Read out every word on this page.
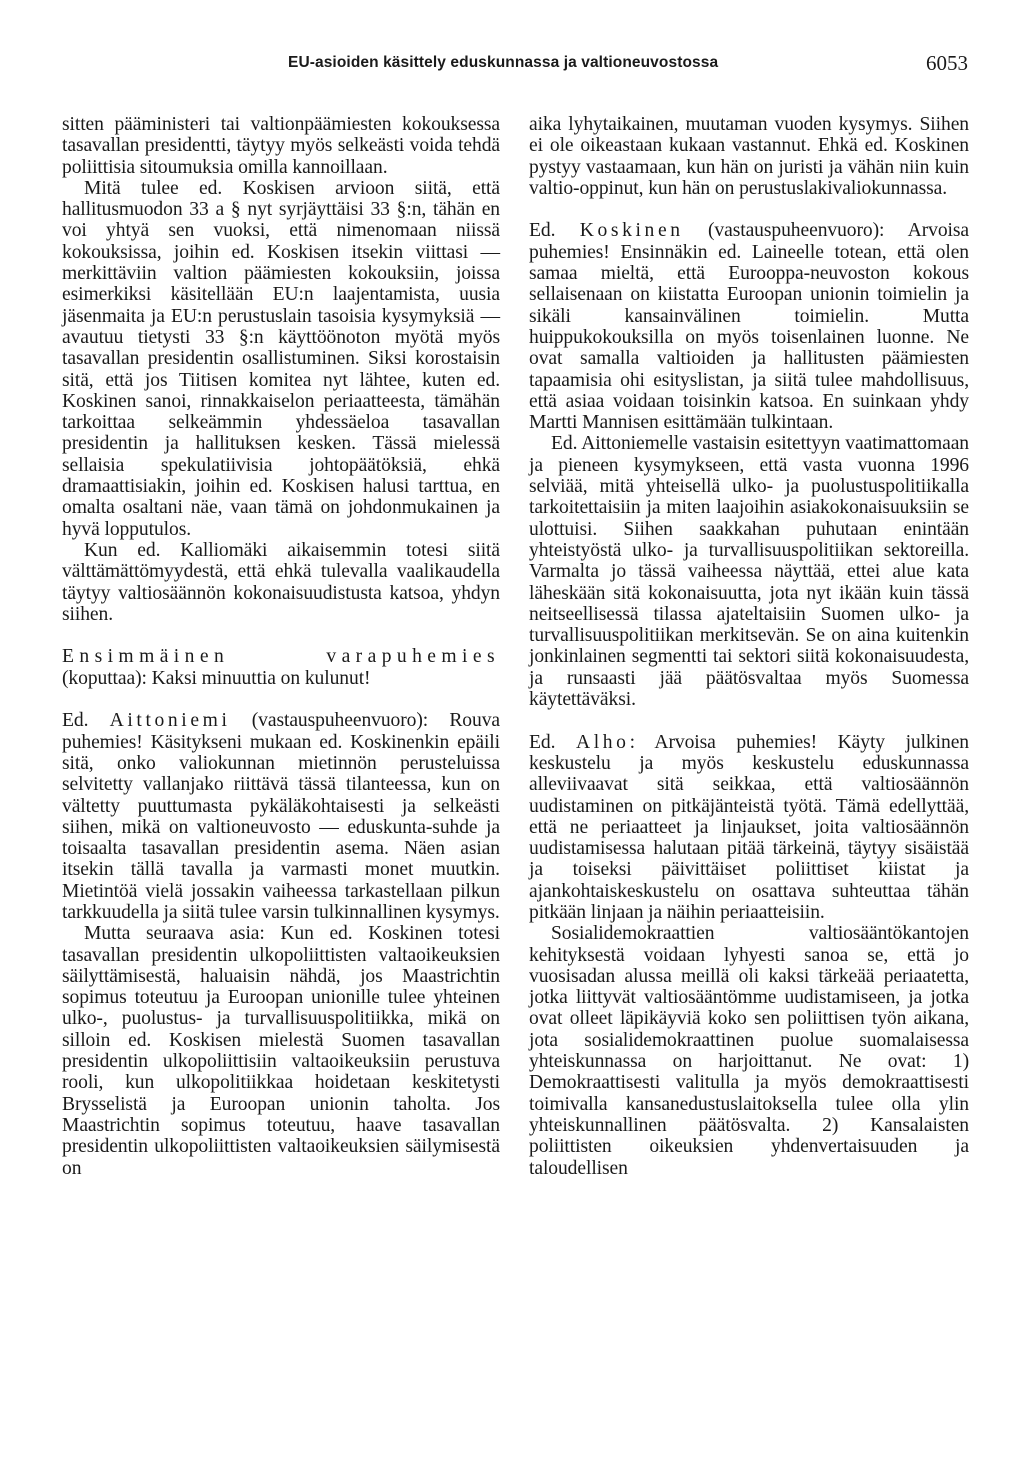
EU-asioiden käsittely eduskunnassa ja valtioneuvostossa	6053

sitten pääministeri tai valtionpäämiesten kokouksessa tasavallan presidentti, täytyy myös selkeästi voida tehdä poliittisia sitoumuksia omilla kannoillaan.

Mitä tulee ed. Koskisen arvioon siitä, että hallitusmuodon 33 a § nyt syrjäyttäisi 33 §:n, tähän en voi yhtyä sen vuoksi, että nimenomaan niissä kokouksissa, joihin ed. Koskisen itsekin viittasi — merkittäviin valtion päämiesten kokouksiin, joissa esimerkiksi käsitellään EU:n laajentamista, uusia jäsenmaita ja EU:n perustuslain tasoisia kysymyksiä — avautuu tietysti 33 §:n käyttöönoton myötä myös tasavallan presidentin osallistuminen. Siksi korostaisin sitä, että jos Tiitisen komitea nyt lähtee, kuten ed. Koskinen sanoi, rinnakkaiselon periaatteesta, tämähän tarkoittaa selkeämmin yhdessäeloa tasavallan presidentin ja hallituksen kesken. Tässä mielessä sellaisia spekulatiivisia johtopäätöksiä, ehkä dramaattisiakin, joihin ed. Koskisen halusi tarttua, en omalta osaltani näe, vaan tämä on johdonmukainen ja hyvä lopputulos.

Kun ed. Kalliomäki aikaisemmin totesi siitä välttämättömyydestä, että ehkä tulevalla vaalikaudella täytyy valtiosäännön kokonaisuudistusta katsoa, yhdyn siihen.

Ensimmäinen varapuhemies (koputtaa): Kaksi minuuttia on kulunut!

Ed. Aittoniemi (vastauspuheenvuoro): Rouva puhemies! Käsitykseni mukaan ed. Koskinenkin epäili sitä, onko valiokunnan mietinnön perusteluissa selvitetty vallanjako riittävä tässä tilanteessa, kun on vältetty puuttumasta pykäläkohtaisesti ja selkeästi siihen, mikä on valtioneuvosto — eduskunta-suhde ja toisaalta tasavallan presidentin asema. Näen asian itsekin tällä tavalla ja varmasti monet muutkin. Mietintöä vielä jossakin vaiheessa tarkastellaan pilkun tarkkuudella ja siitä tulee varsin tulkinnallinen kysymys.

Mutta seuraava asia: Kun ed. Koskinen totesi tasavallan presidentin ulkopoliittisten valtaoikeuksien säilyttämisestä, haluaisin nähdä, jos Maastrichtin sopimus toteutuu ja Euroopan unionille tulee yhteinen ulko-, puolustus- ja turvallisuuspolitiikka, mikä on silloin ed. Koskisen mielestä Suomen tasavallan presidentin ulkopoliittisiin valtaoikeuksiin perustuva rooli, kun ulkopolitiikkaa hoidetaan keskitetysti Brysselistä ja Euroopan unionin taholta. Jos Maastrichtin sopimus toteutuu, haave tasavallan presidentin ulkopoliittisten valtaoikeuksien säilymisestä on

aika lyhytaikainen, muutaman vuoden kysymys. Siihen ei ole oikeastaan kukaan vastannut. Ehkä ed. Koskinen pystyy vastaamaan, kun hän on juristi ja vähän niin kuin valtio-oppinut, kun hän on perustuslakivaliokunnassa.

Ed. Koskinen (vastauspuheenvuoro): Arvoisa puhemies! Ensinnäkin ed. Laineelle totean, että olen samaa mieltä, että Eurooppa-neuvoston kokous sellaisenaan on kiistatta Euroopan unionin toimielin ja sikäli kansainvälinen toimielin. Mutta huippukokouksilla on myös toisenlainen luonne. Ne ovat samalla valtioiden ja hallitusten päämiesten tapaamisia ohi esityslistan, ja siitä tulee mahdollisuus, että asiaa voidaan toisinkin katsoa. En suinkaan yhdy Martti Mannisen esittämään tulkintaan.

Ed. Aittoniemelle vastaisin esitettyyn vaatimattomaan ja pieneen kysymykseen, että vasta vuonna 1996 selviää, mitä yhteisellä ulko- ja puolustuspolitiikalla tarkoitettaisiin ja miten laajoihin asiakokonaisuuksiin se ulottuisi. Siihen saakkahan puhutaan enintään yhteistyöstä ulko- ja turvallisuuspolitiikan sektoreilla. Varmalta jo tässä vaiheessa näyttää, ettei alue kata läheskään sitä kokonaisuutta, jota nyt ikään kuin tässä neitseellisessä tilassa ajateltaisiin Suomen ulko- ja turvallisuuspolitiikan merkitsevän. Se on aina kuitenkin jonkinlainen segmentti tai sektori siitä kokonaisuudesta, ja runsaasti jää päätösvaltaa myös Suomessa käytettäväksi.

Ed. Alho: Arvoisa puhemies! Käyty julkinen keskustelu ja myös keskustelu eduskunnassa alleviivaavat sitä seikkaa, että valtiosäännön uudistaminen on pitkäjänteistä työtä. Tämä edellyttää, että ne periaatteet ja linjaukset, joita valtiosäännön uudistamisessa halutaan pitää tärkeinä, täytyy sisäistää ja toiseksi päivittäiset poliittiset kiistat ja ajankohtaiskeskustelu on osattava suhteuttaa tähän pitkään linjaan ja näihin periaatteisiin.

Sosialidemokraattien valtiosääntökantojen kehityksestä voidaan lyhyesti sanoa se, että jo vuosisadan alussa meillä oli kaksi tärkeää periaatetta, jotka liittyvät valtiosääntömme uudistamiseen, ja jotka ovat olleet läpikäyviä koko sen poliittisen työn aikana, jota sosialidemokraattinen puolue suomalaisessa yhteiskunnassa on harjoittanut. Ne ovat: 1) Demokraattisesti valitulla ja myös demokraattisesti toimivalla kansanedustuslaitoksella tulee olla ylin yhteiskunnallinen päätösvalta. 2) Kansalaisten poliittisten oikeuksien yhdenvertaisuuden ja taloudellisen
